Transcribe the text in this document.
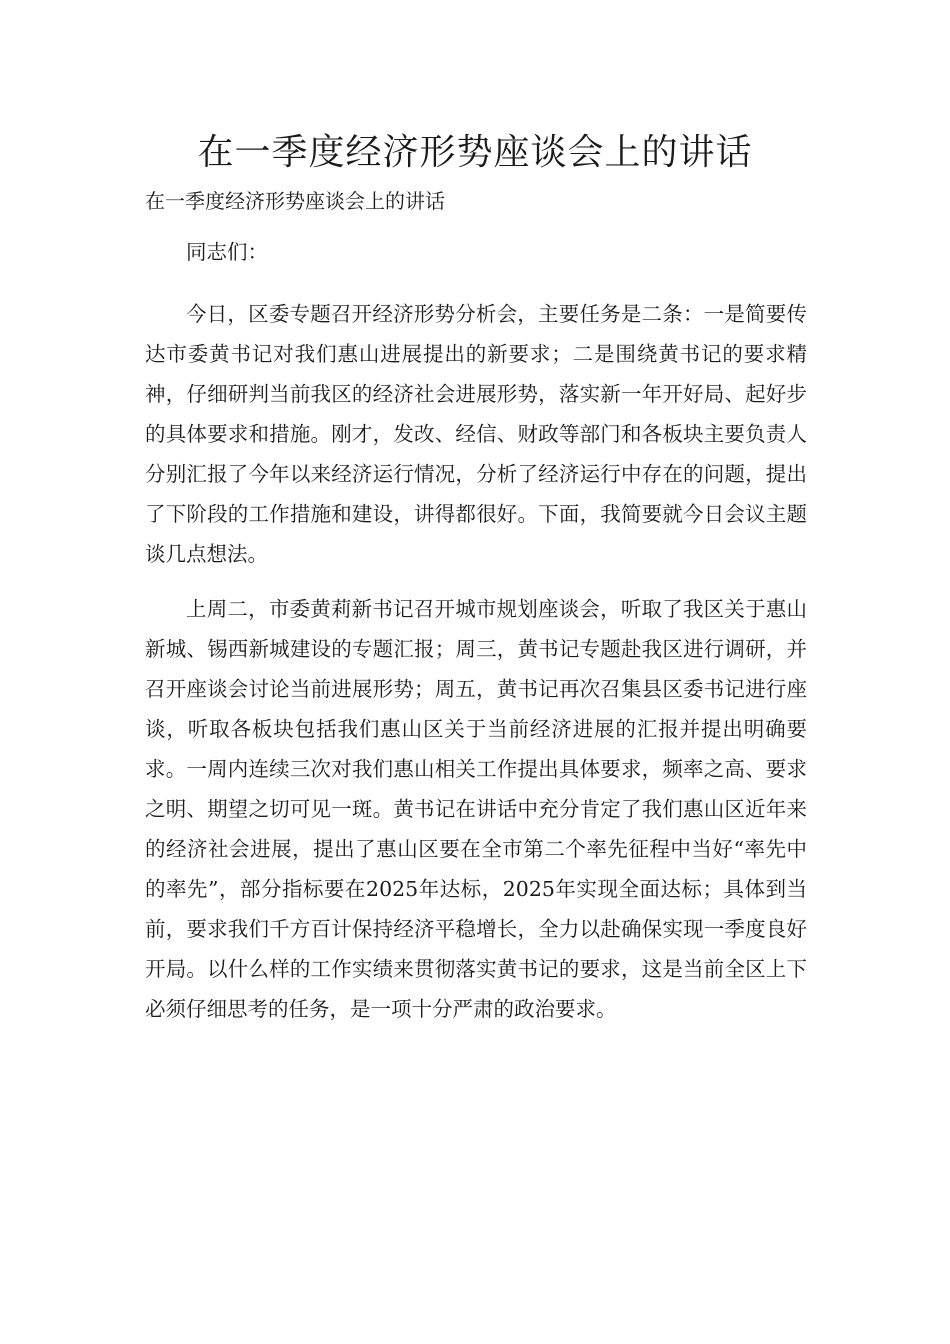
在一季度经济形势座谈会上的讲话

在一季度经济形势座谈会上的讲话

同志们：

今日，区委专题召开经济形势分析会，主要任务是二条：一是简要传达市委黄书记对我们惠山进展提出的新要求；二是围绕黄书记的要求精神，仔细研判当前我区的经济社会进展形势，落实新一年开好局、起好步的具体要求和措施。刚才，发改、经信、财政等部门和各板块主要负责人分别汇报了今年以来经济运行情况，分析了经济运行中存在的问题，提出了下阶段的工作措施和建设，讲得都很好。下面，我简要就今日会议主题谈几点想法。

上周二，市委黄莉新书记召开城市规划座谈会，听取了我区关于惠山新城、锡西新城建设的专题汇报；周三，黄书记专题赴我区进行调研，并召开座谈会讨论当前进展形势；周五，黄书记再次召集县区委书记进行座谈，听取各板块包括我们惠山区关于当前经济进展的汇报并提出明确要求。一周内连续三次对我们惠山相关工作提出具体要求，频率之高、要求之明、期望之切可见一斑。黄书记在讲话中充分肯定了我们惠山区近年来的经济社会进展，提出了惠山区要在全市第二个率先征程中当好“率先中的率先”，部分指标要在2025年达标，2025年实现全面达标；具体到当前，要求我们千方百计保持经济平稳增长，全力以赴确保实现一季度良好开局。以什么样的工作实绩来贯彻落实黄书记的要求，这是当前全区上下必须仔细思考的任务，是一项十分严肃的政治要求。
